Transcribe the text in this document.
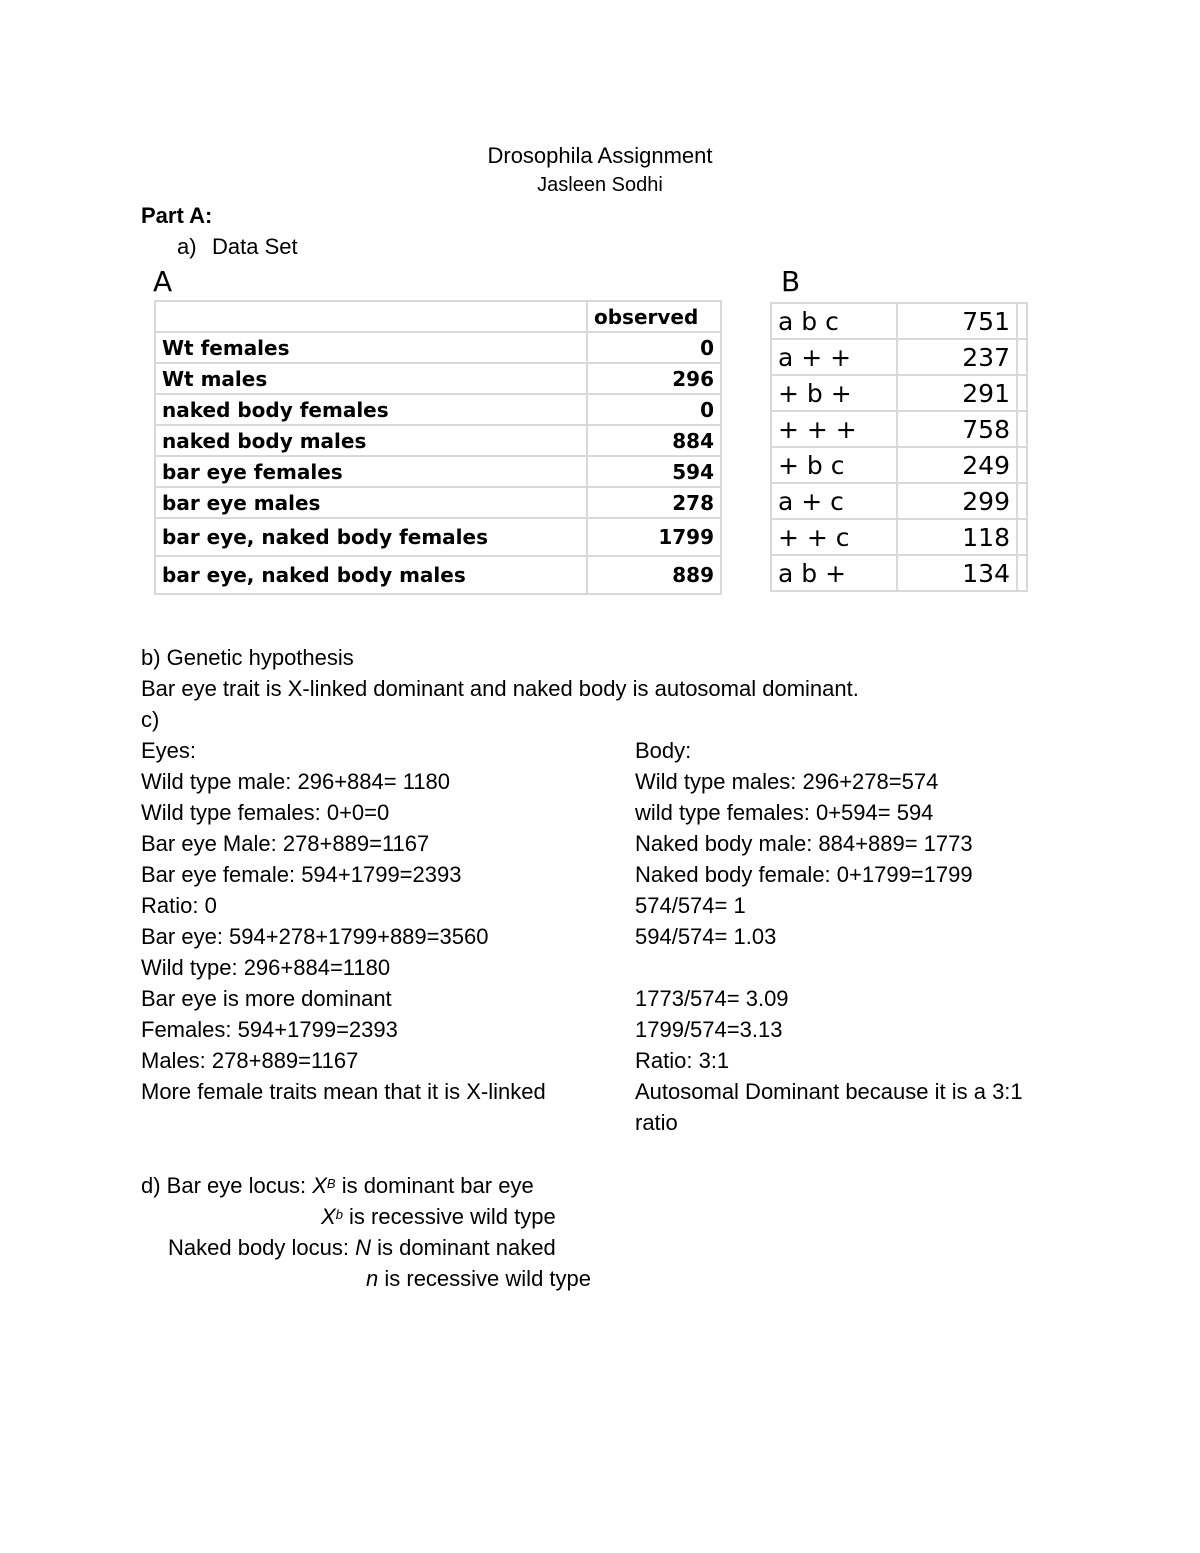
Drosophila Assignment
Jasleen Sodhi
Part A:
a) Data Set
A	B
	observed
Wt females	0
Wt males	296
naked body females	0
naked body males	884
bar eye females	594
bar eye males	278
bar eye, naked body females	1799
bar eye, naked body males	889
a b c	751	
a + +	237	
+ b +	291	
+ + +	758	
+ b c	249	
a + c	299	
+ + c	118	
a b +	134	
b) Genetic hypothesis
Bar eye trait is X-linked dominant and naked body is autosomal dominant.
c)
Eyes:
Wild type male: 296+884= 1180
Wild type females: 0+0=0
Bar eye Male: 278+889=1167
Bar eye female: 594+1799=2393
Ratio: 0
Bar eye: 594+278+1799+889=3560
Wild type: 296+884=1180
Bar eye is more dominant
Females: 594+1799=2393
Males: 278+889=1167
More female traits mean that it is X-linked
Body:
Wild type males: 296+278=574
wild type females: 0+594= 594
Naked body male: 884+889= 1773
Naked body female: 0+1799=1799
574/574= 1
594/574= 1.03
1773/574= 3.09
1799/574=3.13
Ratio: 3:1
Autosomal Dominant because it is a 3:1
ratio
d) Bar eye locus: $X^B$ is dominant bar eye
$X^b$ is recessive wild type
Naked body locus: N is dominant naked
n is recessive wild type
